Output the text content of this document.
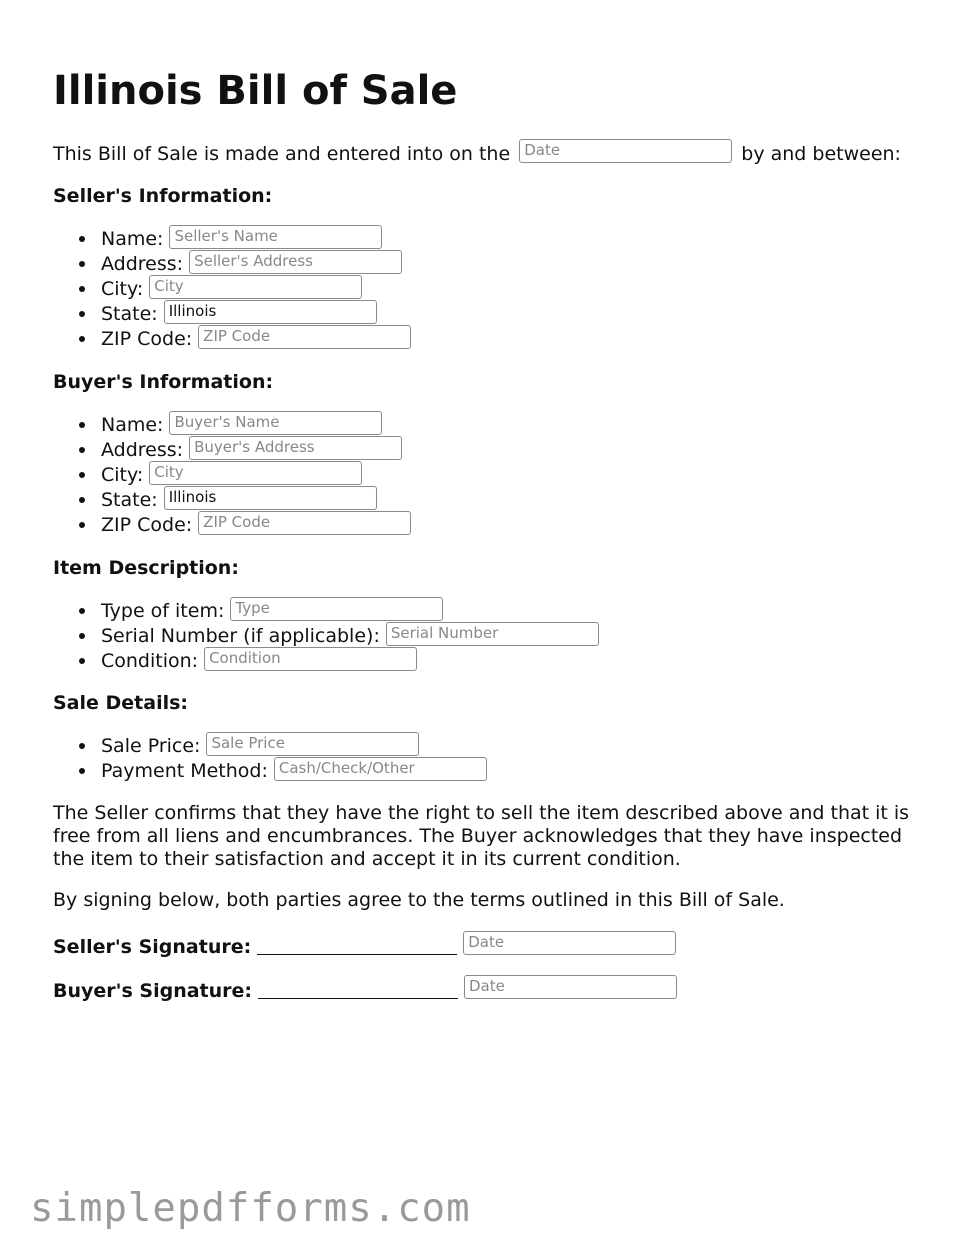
Illinois Bill of Sale
This Bill of Sale is made and entered into on the Date	by and between:
Seller's Information:
Name: Seller's Name
Address: Seller's Address
City: City
State: Illinois
ZIP Code: ZIP Code
Buyer's Information:
Name: Buyer's Name
Address: Buyer's Address
City: City
State: Illinois
ZIP Code: ZIP Code
Item Description:
Type of item: Type
Serial Number (if applicable): Serial Number
Condition: Condition
Sale Details:
Sale Price: Sale Price
Payment Method: Cash/Check/Other

The Seller confirms that they have the right to sell the item described above and that it is free from all liens and encumbrances. The Buyer acknowledges that they have inspected the item to their satisfaction and accept it in its current condition.

By signing below, both parties agree to the terms outlined in this Bill of Sale.

Seller's Signature:	Date
Buyer's Signature:	Date
simplepdfforms.com
